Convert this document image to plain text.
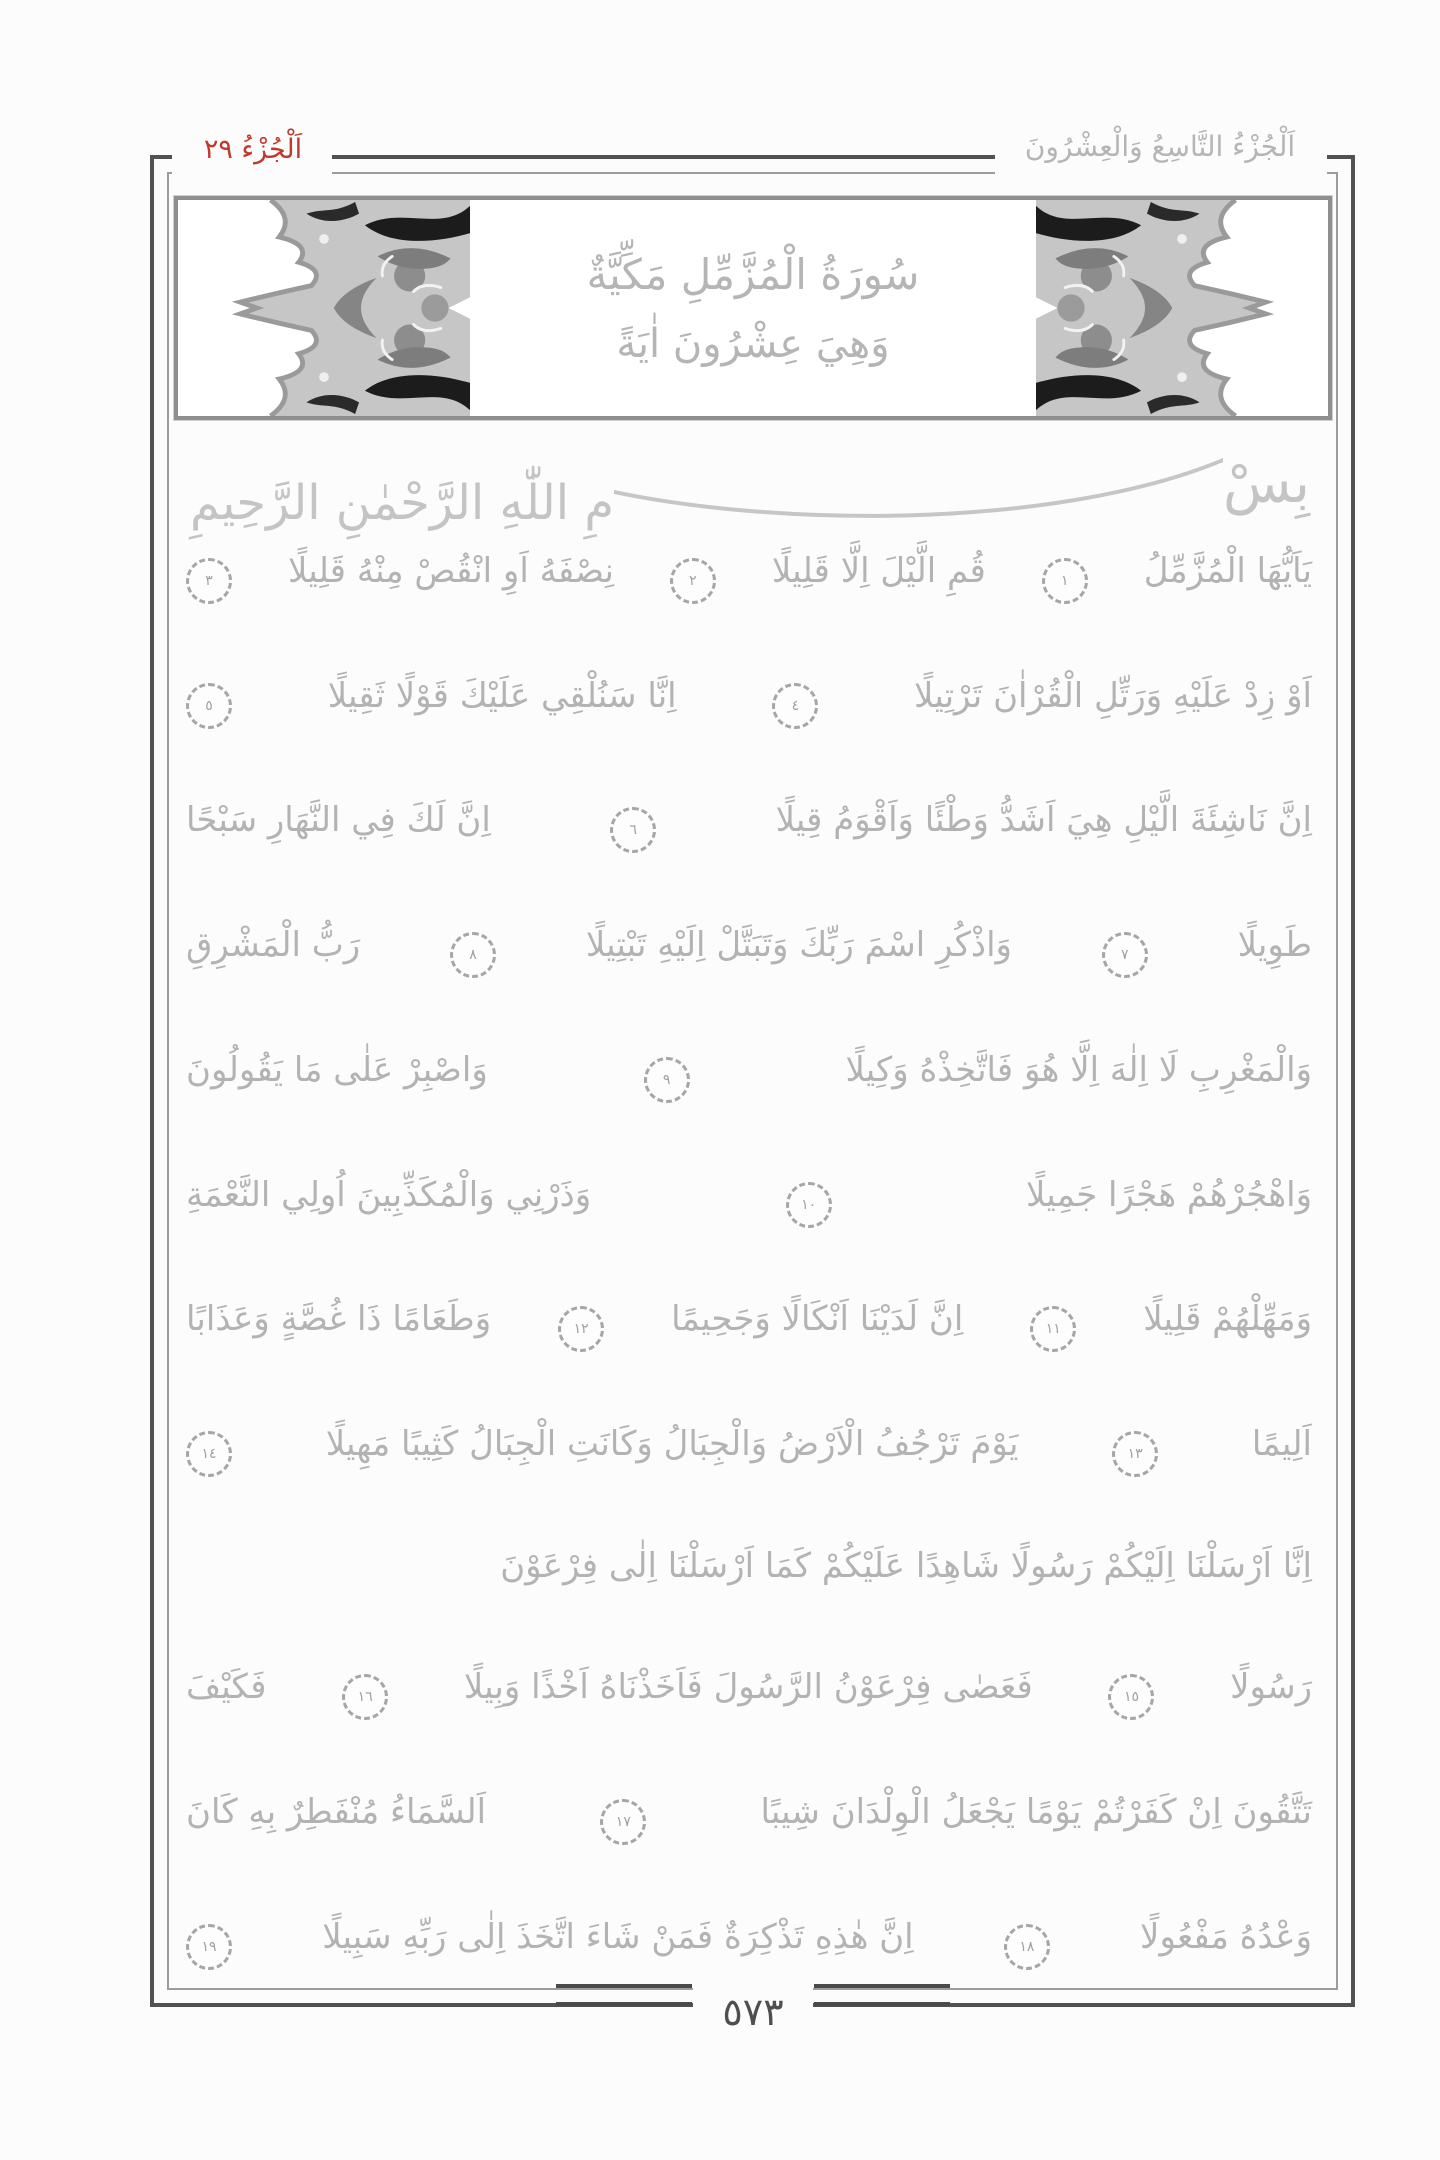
اَلْجُزْءُ ٢٩	اَلْجُزْءُ التَّاسِعُ وَالْعِشْرُونَ
سُورَةُ الْمُزَّمِّلِ مَكِّيَّةٌ
وَهِيَ عِشْرُونَ اٰيَةً
بِسْ
مِ اللّٰهِ الرَّحْمٰنِ الرَّحِيمِ
يَاَيُّهَا الْمُزَّمِّلُ
١
قُمِ الَّيْلَ اِلَّا قَلِيلًا
٢
نِصْفَهُ اَوِ انْقُصْ مِنْهُ قَلِيلًا
٣
اَوْ زِدْ عَلَيْهِ وَرَتِّلِ الْقُرْاٰنَ تَرْتِيلًا
٤
اِنَّا سَنُلْقِي عَلَيْكَ قَوْلًا ثَقِيلًا
٥
اِنَّ نَاشِئَةَ الَّيْلِ هِيَ اَشَدُّ وَطْئًا وَاَقْوَمُ قِيلًا
٦
اِنَّ لَكَ فِي النَّهَارِ سَبْحًا
طَوِيلًا
٧
وَاذْكُرِ اسْمَ رَبِّكَ وَتَبَتَّلْ اِلَيْهِ تَبْتِيلًا
٨
رَبُّ الْمَشْرِقِ
وَالْمَغْرِبِ لَا اِلٰهَ اِلَّا هُوَ فَاتَّخِذْهُ وَكِيلًا
٩
وَاصْبِرْ عَلٰى مَا يَقُولُونَ
وَاهْجُرْهُمْ هَجْرًا جَمِيلًا
١٠
وَذَرْنِي وَالْمُكَذِّبِينَ اُولِي النَّعْمَةِ
وَمَهِّلْهُمْ قَلِيلًا
١١
اِنَّ لَدَيْنَا اَنْكَالًا وَجَحِيمًا
١٢
وَطَعَامًا ذَا غُصَّةٍ وَعَذَابًا
اَلِيمًا
١٣
يَوْمَ تَرْجُفُ الْاَرْضُ وَالْجِبَالُ وَكَانَتِ الْجِبَالُ كَثِيبًا مَهِيلًا
١٤
اِنَّا اَرْسَلْنَا اِلَيْكُمْ رَسُولًا شَاهِدًا عَلَيْكُمْ كَمَا اَرْسَلْنَا اِلٰى فِرْعَوْنَ
رَسُولًا
١٥
فَعَصٰى فِرْعَوْنُ الرَّسُولَ فَاَخَذْنَاهُ اَخْذًا وَبِيلًا
١٦
فَكَيْفَ
تَتَّقُونَ اِنْ كَفَرْتُمْ يَوْمًا يَجْعَلُ الْوِلْدَانَ شِيبًا
١٧
اَلسَّمَاءُ مُنْفَطِرٌ بِهِ كَانَ
وَعْدُهُ مَفْعُولًا
١٨
اِنَّ هٰذِهِ تَذْكِرَةٌ فَمَنْ شَاءَ اتَّخَذَ اِلٰى رَبِّهِ سَبِيلًا
١٩
٥٧٣
